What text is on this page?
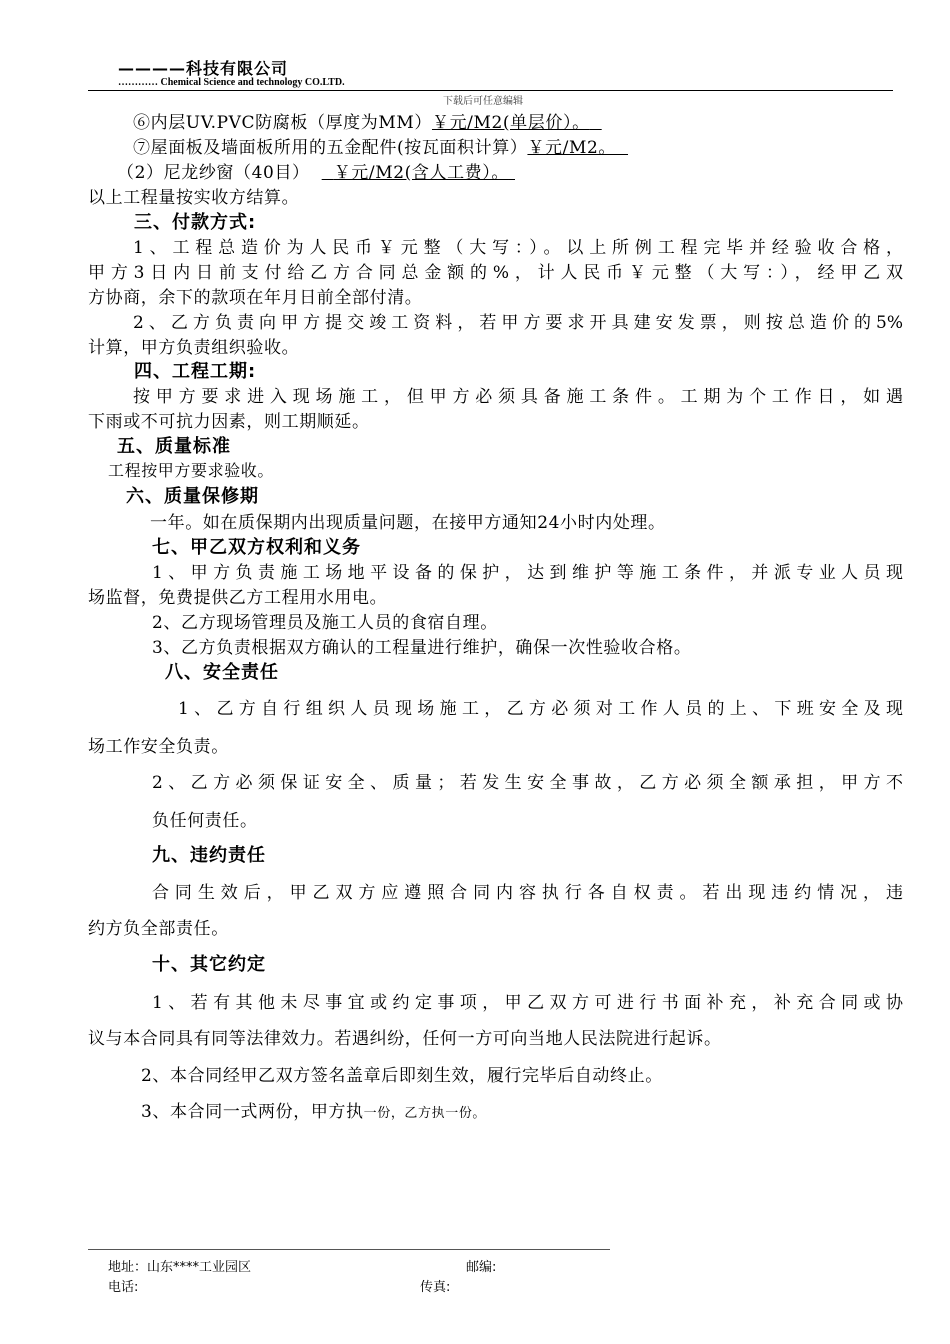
————科技有限公司
………… Chemical Science and technology CO.LTD.
下载后可任意编辑
⑥内层UV.PVC防腐板（厚度为MM）￥元/M2(单层价）。
⑦屋面板及墙面板所用的五金配件(按瓦面积计算）￥元/M2。
（2）尼龙纱窗（40目） ￥元/M2(含人工费）。
以上工程量按实收方结算。
三、付款方式:
1、工程总造价为人民币￥元整（大写：）。以上所例工程完毕并经验收合格，
甲方3日内日前支付给乙方合同总金额的%，计人民币￥元整（大写：），经甲乙双
方协商，余下的款项在年月日前全部付清。
2、乙方负责向甲方提交竣工资料，若甲方要求开具建安发票，则按总造价的5%
计算，甲方负责组织验收。
四、工程工期:
按甲方要求进入现场施工，但甲方必须具备施工条件。工期为个工作日，如遇
下雨或不可抗力因素，则工期顺延。
五、质量标准
工程按甲方要求验收。
六、质量保修期
一年。如在质保期内出现质量问题，在接甲方通知24小时内处理。
七、甲乙双方权利和义务
1、甲方负责施工场地平设备的保护，达到维护等施工条件，并派专业人员现
场监督，免费提供乙方工程用水用电。
2、乙方现场管理员及施工人员的食宿自理。
3、乙方负责根据双方确认的工程量进行维护，确保一次性验收合格。
八、安全责任
1、乙方自行组织人员现场施工，乙方必须对工作人员的上、下班安全及现
场工作安全负责。
2、乙方必须保证安全、质量；若发生安全事故，乙方必须全额承担，甲方不
负任何责任。
九、违约责任
合同生效后，甲乙双方应遵照合同内容执行各自权责。若出现违约情况，违
约方负全部责任。
十、其它约定
1、若有其他未尽事宜或约定事项，甲乙双方可进行书面补充，补充合同或协
议与本合同具有同等法律效力。若遇纠纷，任何一方可向当地人民法院进行起诉。
2、本合同经甲乙双方签名盖章后即刻生效，履行完毕后自动终止。
3、本合同一式两份，甲方执一份，乙方执一份。
地址：山东****工业园区	邮编:
电话:	传真:
